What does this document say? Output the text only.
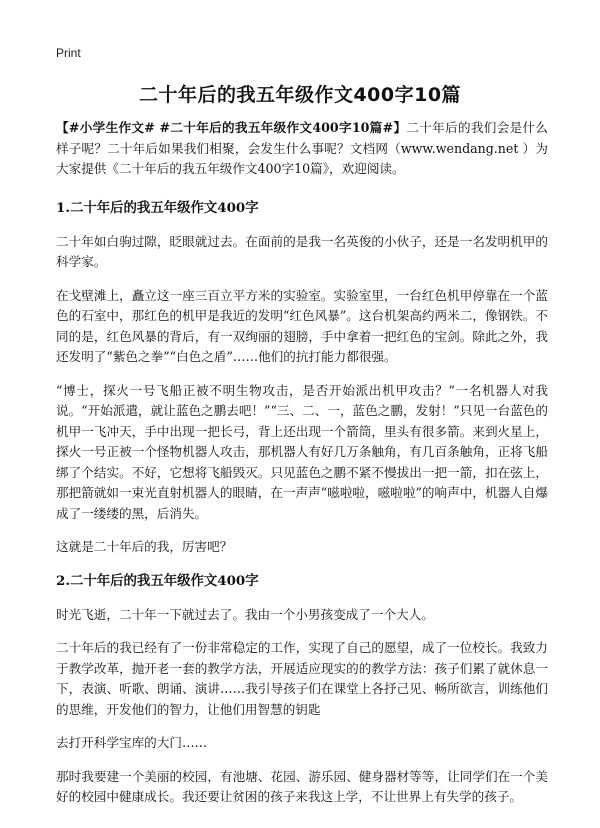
Print
二十年后的我五年级作文400字10篇

【#小学生作文# #二十年后的我五年级作文400字10篇#】二十年后的我们会是什么样子呢？二十年后如果我们相聚，会发生什么事呢？文档网（www.wendang.net ）为大家提供《二十年后的我五年级作文400字10篇》，欢迎阅读。

1.二十年后的我五年级作文400字

二十年如白驹过隙，眨眼就过去。在面前的是我一名英俊的小伙子，还是一名发明机甲的科学家。

在戈壁滩上，矗立这一座三百立平方米的实验室。实验室里，一台红色机甲停靠在一个蓝色的石室中，那红色的机甲是我近的发明“红色风暴”。这台机架高约两米二，像钢铁。不同的是，红色风暴的背后，有一双绚丽的翅膀，手中拿着一把红色的宝剑。除此之外，我还发明了“紫色之拳”“白色之盾”……他们的抗打能力都很强。

“博士，探火一号飞船正被不明生物攻击，是否开始派出机甲攻击？”一名机器人对我说。“开始派遣，就让蓝色之鹏去吧！”“三、二、一，蓝色之鹏，发射！”只见一台蓝色的机甲一飞冲天，手中出现一把长弓，背上还出现一个箭筒，里头有很多箭。来到火星上，探火一号正被一个怪物机器人攻击，那机器人有好几万条触角，有几百条触角，正将飞船绑了个结实。不好，它想将飞船毁灭。只见蓝色之鹏不紧不慢拔出一把一箭，扣在弦上，那把箭就如一束光直射机器人的眼睛，在一声声“嗞啦啦，嗞啦啦”的响声中，机器人自爆成了一缕缕的黑，后消失。

这就是二十年后的我，厉害吧？

2.二十年后的我五年级作文400字

时光飞逝，二十年一下就过去了。我由一个小男孩变成了一个大人。

二十年后的我已经有了一份非常稳定的工作，实现了自己的愿望，成了一位校长。我致力于教学改革，抛开老一套的教学方法，开展适应现实的的教学方法：孩子们累了就休息一下，表演、听歌、朗诵、演讲……我引导孩子们在课堂上各抒己见、畅所欲言，训练他们的思维，开发他们的智力，让他们用智慧的钥匙

去打开科学宝库的大门……

那时我要建一个美丽的校园，有池塘、花园、游乐园、健身器材等等，让同学们在一个美好的校园中健康成长。我还要让贫困的孩子来我这上学，不让世界上有失学的孩子。
